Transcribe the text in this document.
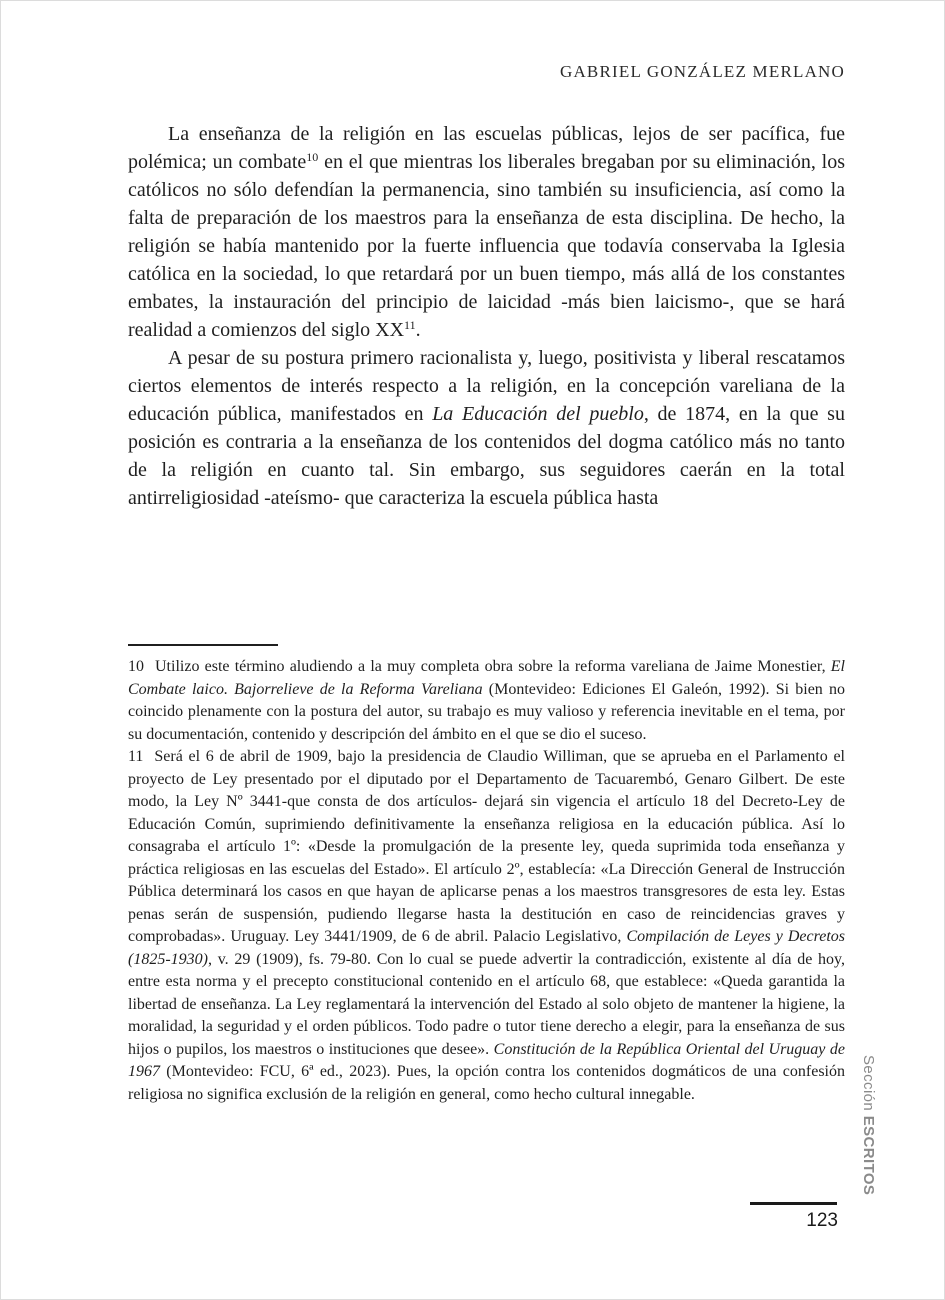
GABRIEL GONZÁLEZ MERLANO

La enseñanza de la religión en las escuelas públicas, lejos de ser pacífica, fue polémica; un combate$^{10}$ en el que mientras los liberales bregaban por su eliminación, los católicos no sólo defendían la permanencia, sino también su insuficiencia, así como la falta de preparación de los maestros para la enseñanza de esta disciplina. De hecho, la religión se había mantenido por la fuerte influencia que todavía conservaba la Iglesia católica en la sociedad, lo que retardará por un buen tiempo, más allá de los constantes embates, la instauración del principio de laicidad -más bien laicismo-, que se hará realidad a comienzos del siglo XX$^{11}$.

A pesar de su postura primero racionalista y, luego, positivista y liberal rescatamos ciertos elementos de interés respecto a la religión, en la concepción vareliana de la educación pública, manifestados en La Educación del pueblo, de 1874, en la que su posición es contraria a la enseñanza de los contenidos del dogma católico más no tanto de la religión en cuanto tal. Sin embargo, sus seguidores caerán en la total antirreligiosidad -ateísmo- que caracteriza la escuela pública hasta

10 Utilizo este término aludiendo a la muy completa obra sobre la reforma vareliana de Jaime Monestier, El Combate laico. Bajorrelieve de la Reforma Vareliana (Montevideo: Ediciones El Galeón, 1992). Si bien no coincido plenamente con la postura del autor, su trabajo es muy valioso y referencia inevitable en el tema, por su documentación, contenido y descripción del ámbito en el que se dio el suceso.

11 Será el 6 de abril de 1909, bajo la presidencia de Claudio Williman, que se aprueba en el Parlamento el proyecto de Ley presentado por el diputado por el Departamento de Tacuarembó, Genaro Gilbert. De este modo, la Ley Nº 3441-que consta de dos artículos- dejará sin vigencia el artículo 18 del Decreto-Ley de Educación Común, suprimiendo definitivamente la enseñanza religiosa en la educación pública. Así lo consagraba el artículo 1º: «Desde la promulgación de la presente ley, queda suprimida toda enseñanza y práctica religiosas en las escuelas del Estado». El artículo 2º, establecía: «La Dirección General de Instrucción Pública determinará los casos en que hayan de aplicarse penas a los maestros transgresores de esta ley. Estas penas serán de suspensión, pudiendo llegarse hasta la destitución en caso de reincidencias graves y comprobadas». Uruguay. Ley 3441/1909, de 6 de abril. Palacio Legislativo, Compilación de Leyes y Decretos (1825-1930), v. 29 (1909), fs. 79-80. Con lo cual se puede advertir la contradicción, existente al día de hoy, entre esta norma y el precepto constitucional contenido en el artículo 68, que establece: «Queda garantida la libertad de enseñanza. La Ley reglamentará la intervención del Estado al solo objeto de mantener la higiene, la moralidad, la seguridad y el orden públicos. Todo padre o tutor tiene derecho a elegir, para la enseñanza de sus hijos o pupilos, los maestros o instituciones que desee». Constitución de la República Oriental del Uruguay de 1967 (Montevideo: FCU, 6ª ed., 2023). Pues, la opción contra los contenidos dogmáticos de una confesión religiosa no significa exclusión de la religión en general, como hecho cultural innegable.	Sección ESCRITOS
123
